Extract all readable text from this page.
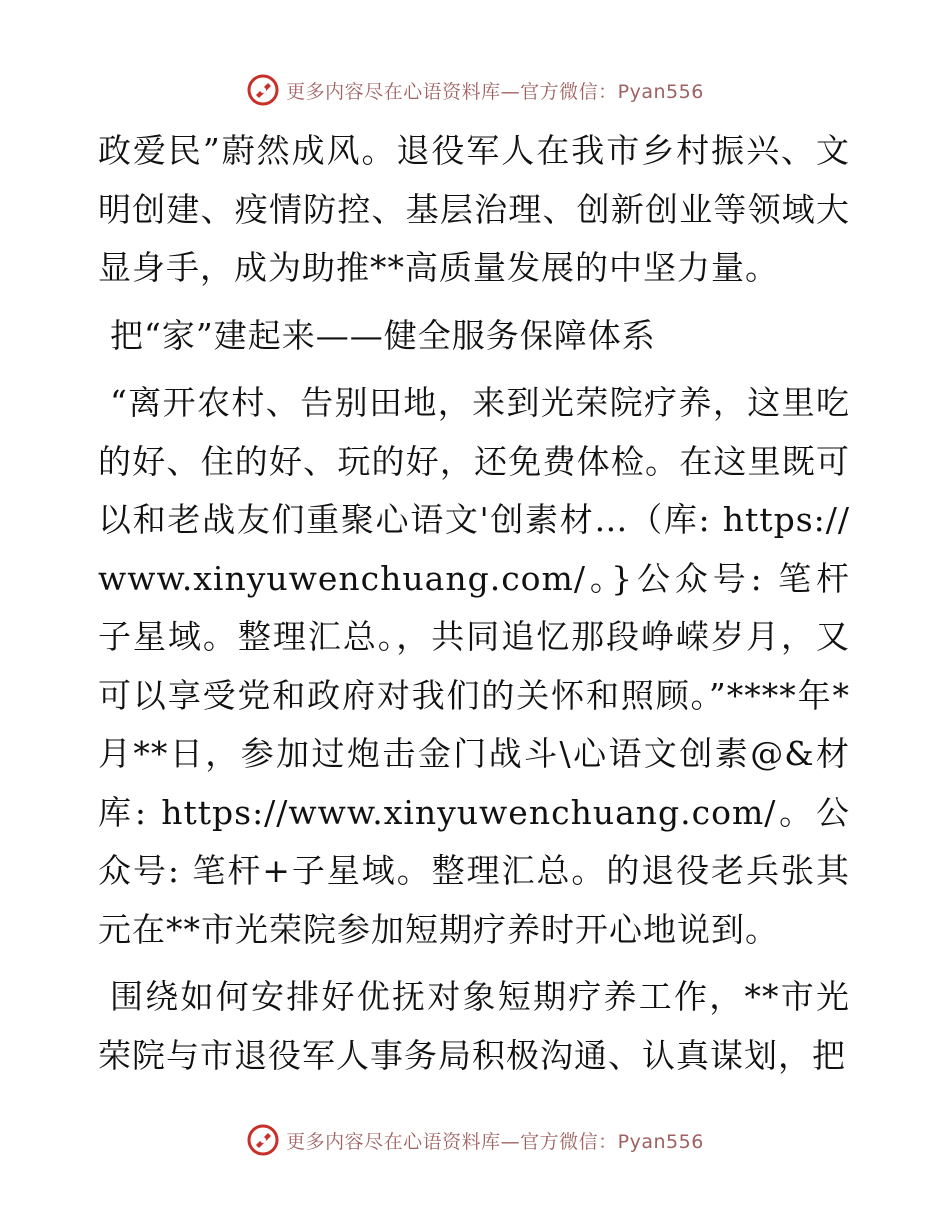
更多内容尽在心语资料库—官方微信：Pyan556

政爱民”蔚然成风。退役军人在我市乡村振兴、文明创建、疫情防控、基层治理、创新创业等领域大显身手，成为助推**高质量发展的中坚力量。

把“家”建起来——健全服务保障体系

“离开农村、告别田地，来到光荣院疗养，这里吃的好、住的好、玩的好，还免费体检。在这里既可以和老战友们重聚心语文'创素材…（库: https://www.xinyuwenchuang.com/。}公众号: 笔杆子星域。整理汇总。，共同追忆那段峥嵘岁月，又可以享受党和政府对我们的关怀和照顾。”****年*月**日，参加过炮击金门战斗\心语文创素@&材库: https://www.xinyuwenchuang.com/。公众号: 笔杆+子星域。整理汇总。的退役老兵张其元在**市光荣院参加短期疗养时开心地说到。

围绕如何安排好优抚对象短期疗养工作，**市光荣院与市退役军人事务局积极沟通、认真谋划，把

更多内容尽在心语资料库—官方微信：Pyan556
